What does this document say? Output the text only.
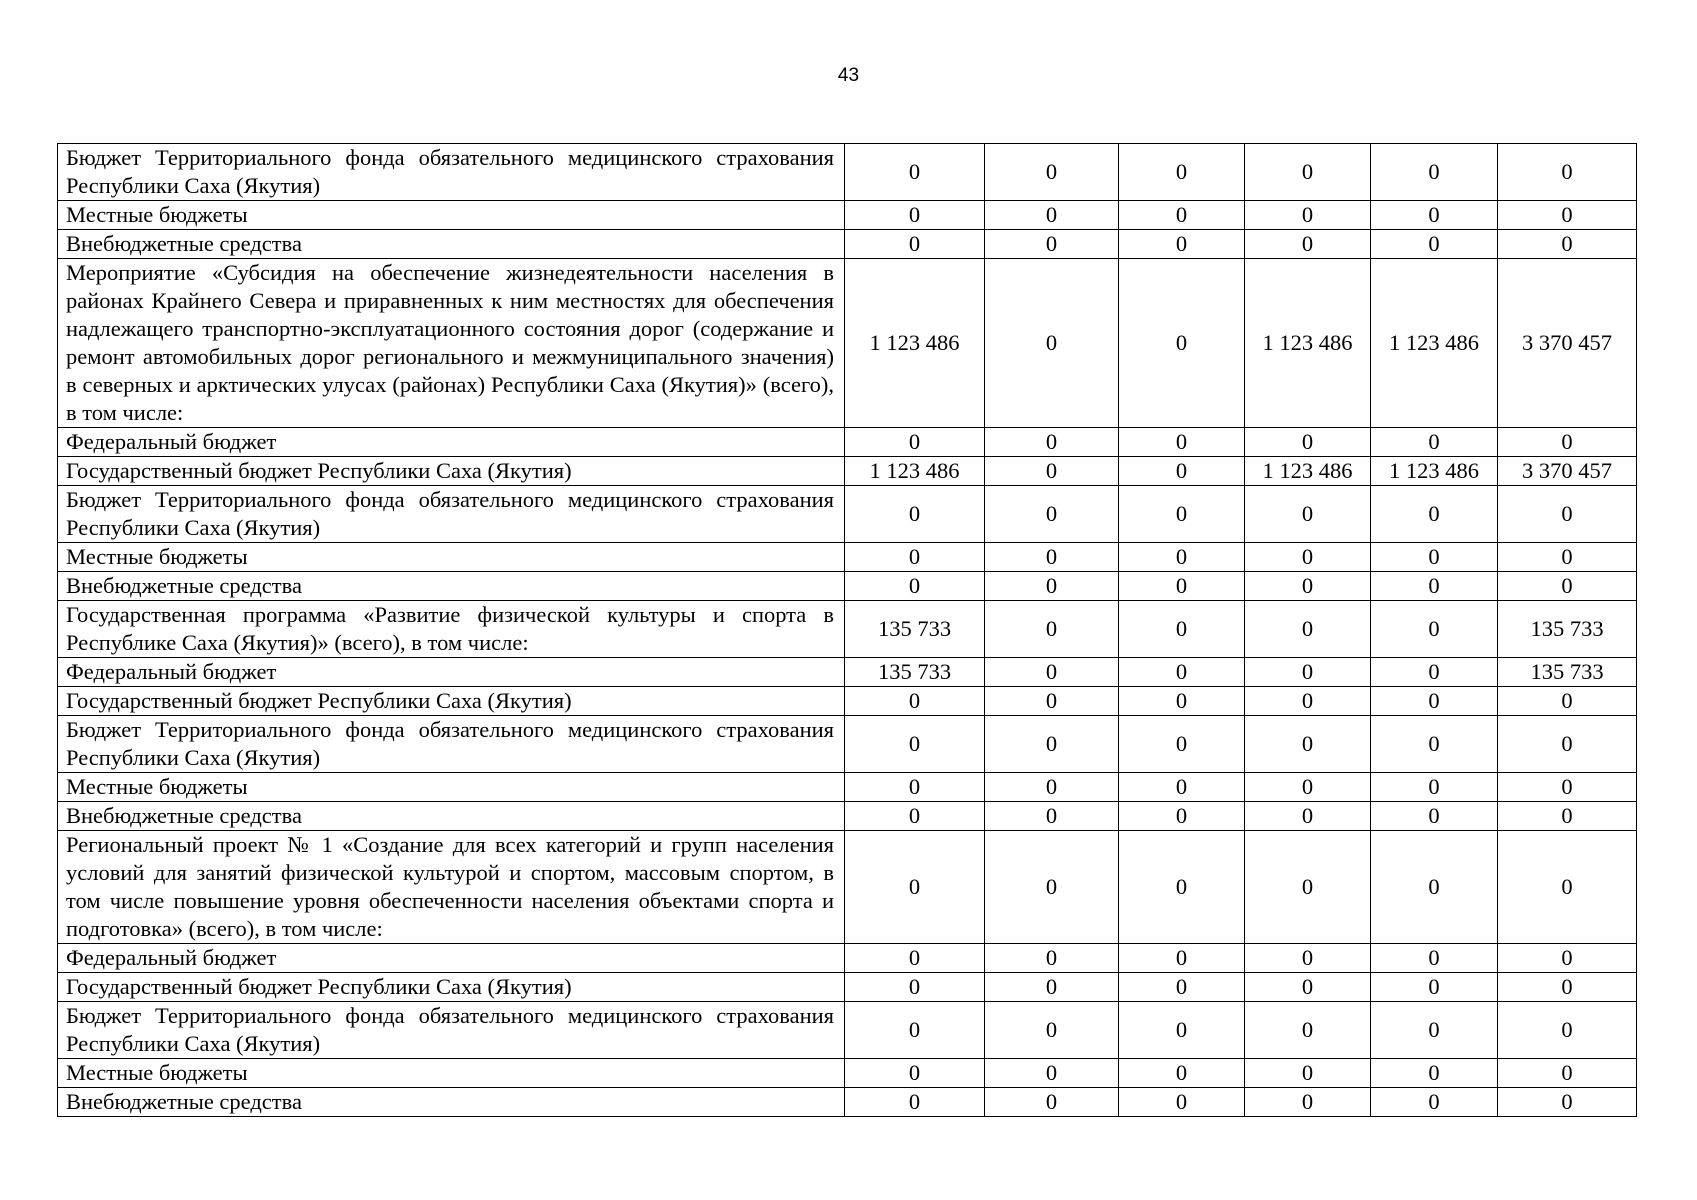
43
Бюджет Территориального фонда обязательного медицинского страхования Республики Саха (Якутия)	0	0	0	0	0	0
Местные бюджеты	0	0	0	0	0	0
Внебюджетные средства	0	0	0	0	0	0
Мероприятие «Субсидия на обеспечение жизнедеятельности населения в районах Крайнего Севера и приравненных к ним местностях для обеспечения надлежащего транспортно-эксплуатационного состояния дорог (содержание и ремонт автомобильных дорог регионального и межмуниципального значения) в северных и арктических улусах (районах) Республики Саха (Якутия)» (всего), в том числе:	1 123 486	0	0	1 123 486	1 123 486	3 370 457
Федеральный бюджет	0	0	0	0	0	0
Государственный бюджет Республики Саха (Якутия)	1 123 486	0	0	1 123 486	1 123 486	3 370 457
Бюджет Территориального фонда обязательного медицинского страхования Республики Саха (Якутия)	0	0	0	0	0	0
Местные бюджеты	0	0	0	0	0	0
Внебюджетные средства	0	0	0	0	0	0
Государственная программа «Развитие физической культуры и спорта в Республике Саха (Якутия)» (всего), в том числе:	135 733	0	0	0	0	135 733
Федеральный бюджет	135 733	0	0	0	0	135 733
Государственный бюджет Республики Саха (Якутия)	0	0	0	0	0	0
Бюджет Территориального фонда обязательного медицинского страхования Республики Саха (Якутия)	0	0	0	0	0	0
Местные бюджеты	0	0	0	0	0	0
Внебюджетные средства	0	0	0	0	0	0
Региональный проект № 1 «Создание для всех категорий и групп населения условий для занятий физической культурой и спортом, массовым спортом, в том числе повышение уровня обеспеченности населения объектами спорта и подготовка» (всего), в том числе:	0	0	0	0	0	0
Федеральный бюджет	0	0	0	0	0	0
Государственный бюджет Республики Саха (Якутия)	0	0	0	0	0	0
Бюджет Территориального фонда обязательного медицинского страхования Республики Саха (Якутия)	0	0	0	0	0	0
Местные бюджеты	0	0	0	0	0	0
Внебюджетные средства	0	0	0	0	0	0
